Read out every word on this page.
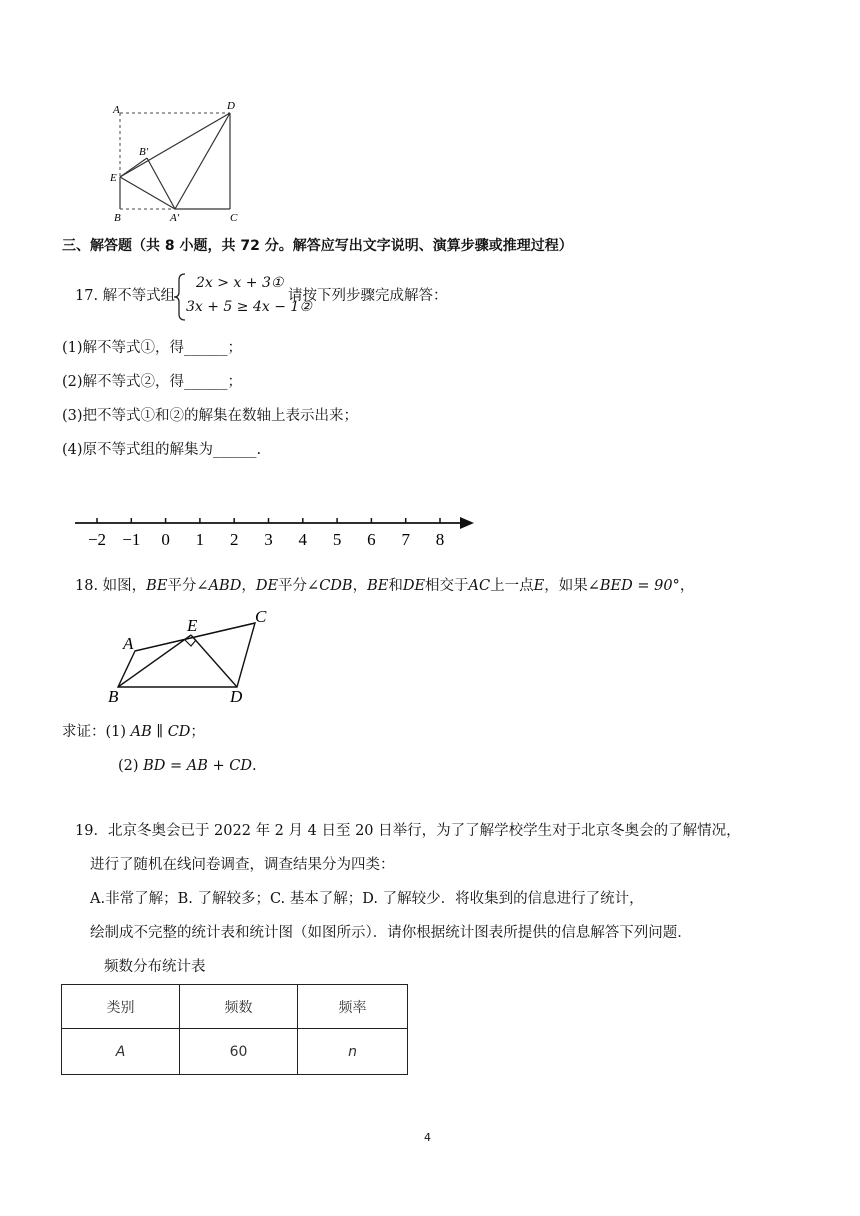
A	D
B′
E
B	A′	C
三、解答题（共 8 小题，共 72 分。解答应写出文字说明、演算步骤或推理过程）
17. 解不等式组
2x > x + 3①
3x + 5 ≥ 4x − 1②
请按下列步骤完成解答：
(1)解不等式①，得______；
(2)解不等式②，得______；
(3)把不等式①和②的解集在数轴上表示出来；
(4)原不等式组的解集为______.
−2 −1 0 1 2 3 4 5 6 7 8
18. 如图，BE平分∠ABD，DE平分∠CDB，BE和DE相交于AC上一点E，如果∠BED = 90°，
A
E	C
B	D
求证：(1) AB ∥ CD；
(2) BD = AB + CD.
19．北京冬奥会已于 2022 年 2 月 4 日至 20 日举行，为了了解学校学生对于北京冬奥会的了解情况，
进行了随机在线问卷调查，调查结果分为四类：
A.非常了解；B. 了解较多；C. 基本了解；D. 了解较少．将收集到的信息进行了统计，
绘制成不完整的统计表和统计图（如图所示）．请你根据统计图表所提供的信息解答下列问题．
频数分布统计表
类别	频数	频率
A	60	n
4
